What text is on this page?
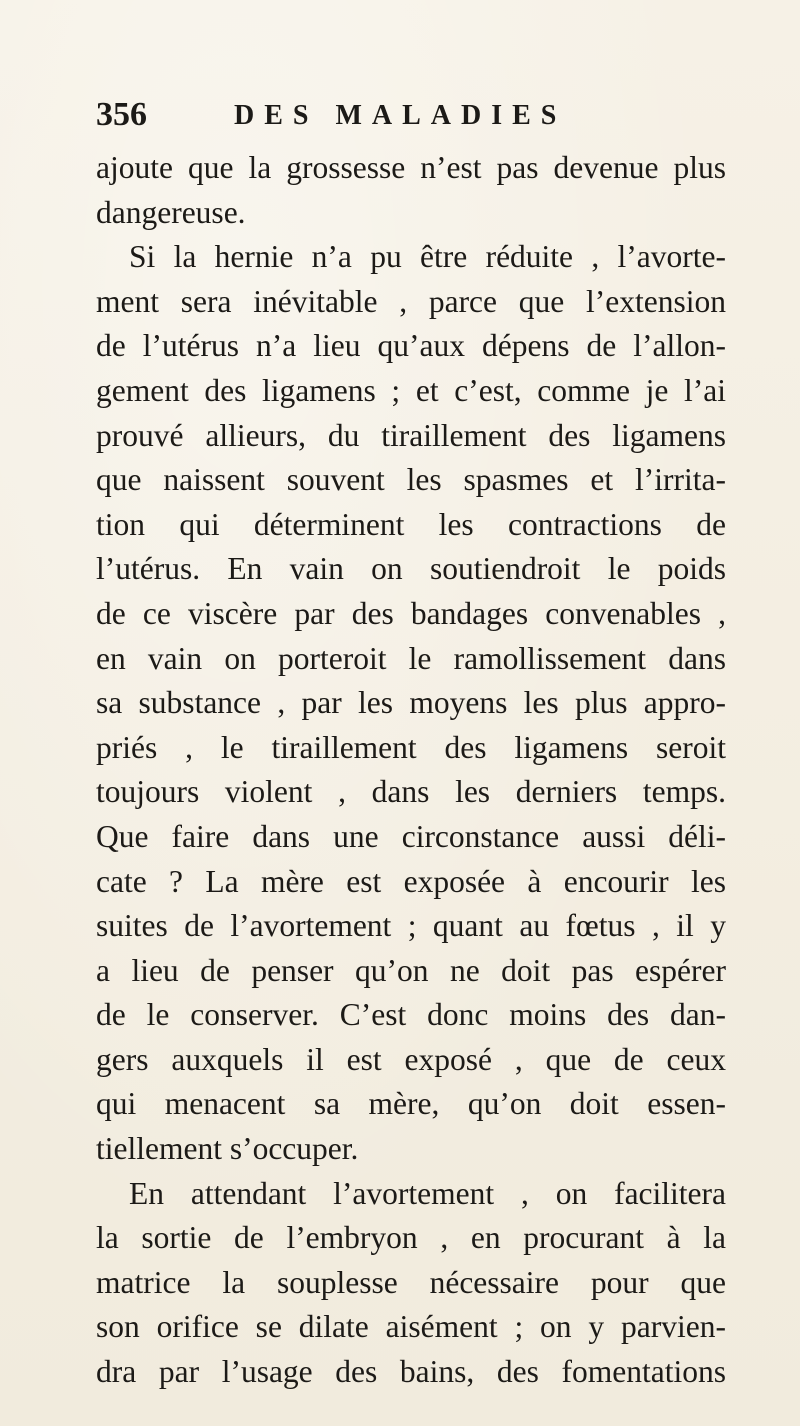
356	DES MALADIES
ajoute que la grossesse n’est pas devenue plus
dangereuse.
Si la hernie n’a pu être réduite , l’avorte-
ment sera inévitable , parce que l’extension
de l’utérus n’a lieu qu’aux dépens de l’allon-
gement des ligamens ; et c’est, comme je l’ai
prouvé allieurs, du tiraillement des ligamens
que naissent souvent les spasmes et l’irrita-
tion qui déterminent les contractions de
l’utérus. En vain on soutiendroit le poids
de ce viscère par des bandages convenables ,
en vain on porteroit le ramollissement dans
sa substance , par les moyens les plus appro-
priés , le tiraillement des ligamens seroit
toujours violent , dans les derniers temps.
Que faire dans une circonstance aussi déli-
cate ? La mère est exposée à encourir les
suites de l’avortement ; quant au fœtus , il y
a lieu de penser qu’on ne doit pas espérer
de le conserver. C’est donc moins des dan-
gers auxquels il est exposé , que de ceux
qui menacent sa mère, qu’on doit essen-
tiellement s’occuper.
En attendant l’avortement , on facilitera
la sortie de l’embryon , en procurant à la
matrice la souplesse nécessaire pour que
son orifice se dilate aisément ; on y parvien-
dra par l’usage des bains, des fomentations
